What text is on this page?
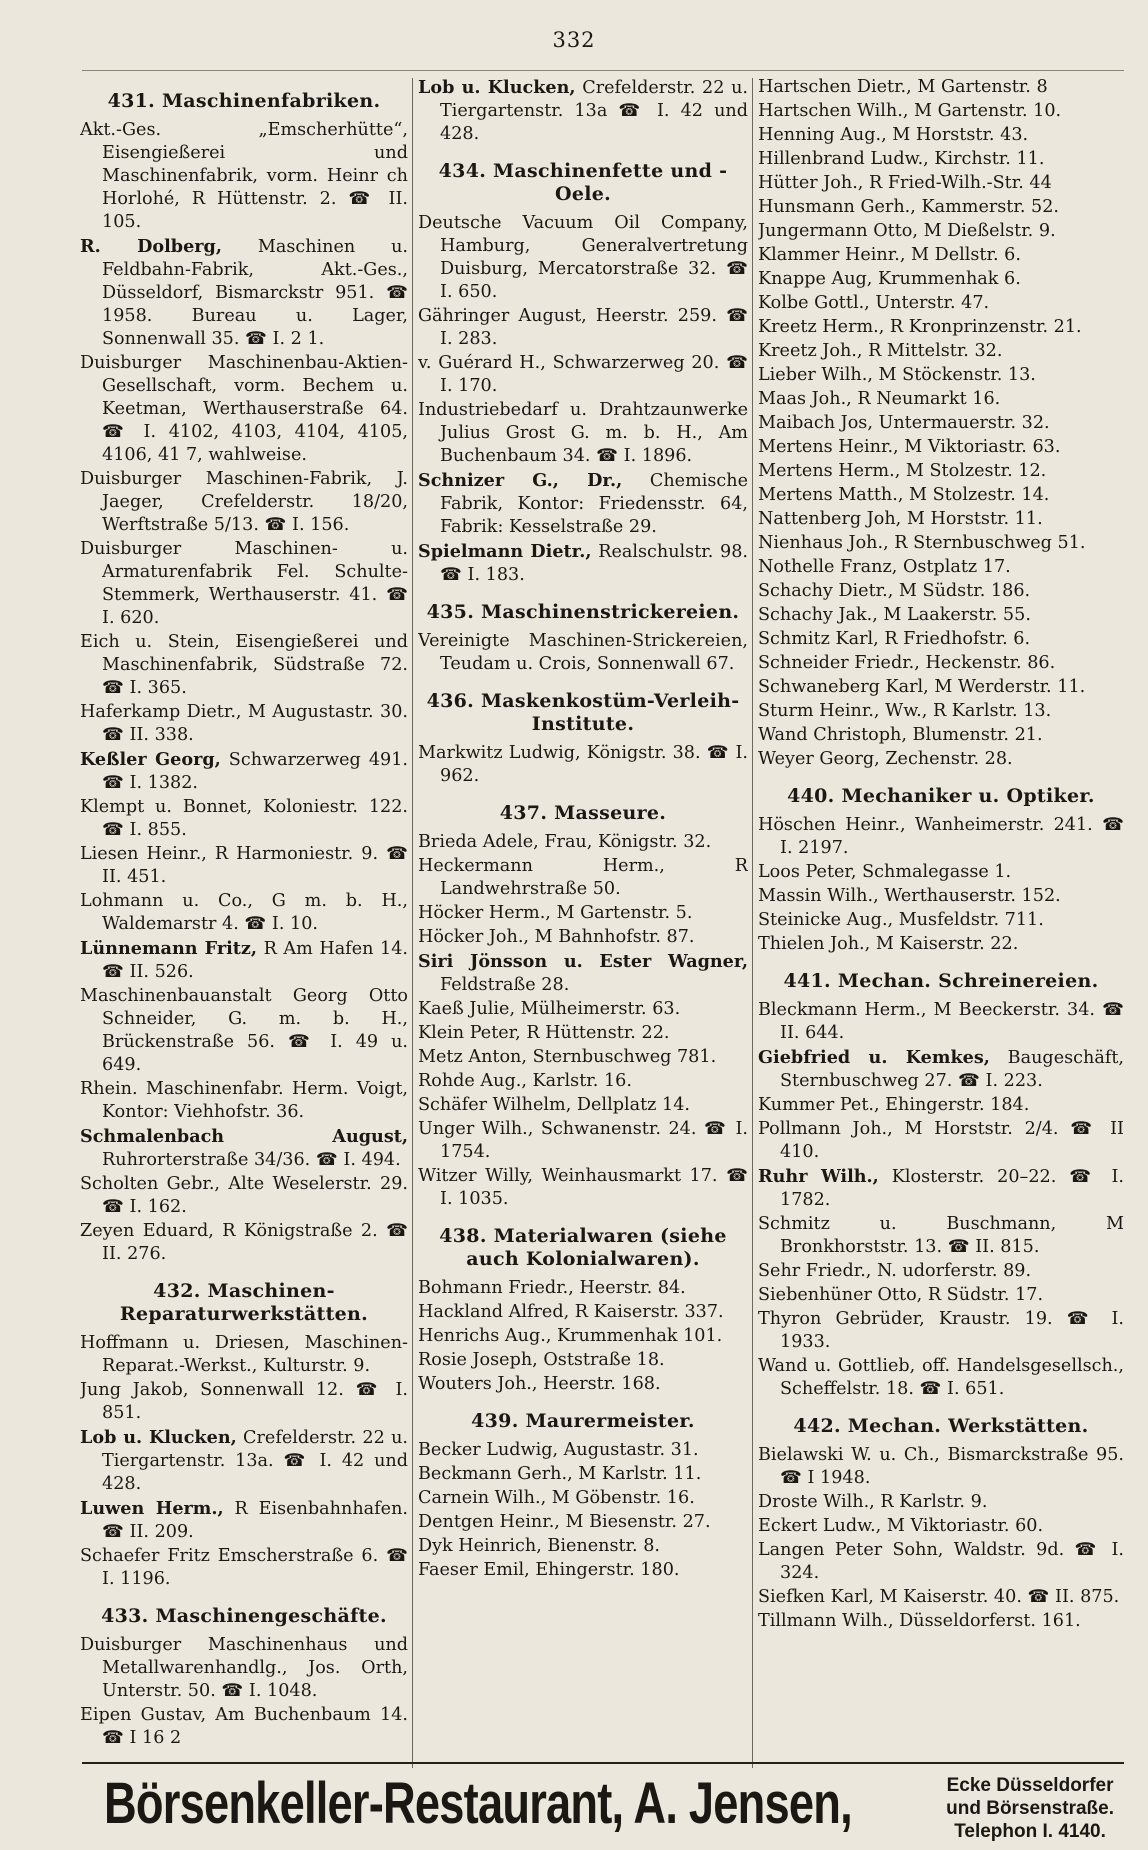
332
431. Maschinenfabriken.
Akt.-Ges. „Emscherhütte“, Eisengießerei und Maschinenfabrik, vorm. Heinr ch Horlohé, R Hüttenstr. 2. ☎ II. 105.
R. Dolberg, Maschinen u. Feldbahn-Fabrik, Akt.-Ges., Düsseldorf, Bismarckstr 951. ☎ 1958. Bureau u. Lager, Sonnenwall 35. ☎ I. 2 1.
Duisburger Maschinenbau-Aktien-Gesellschaft, vorm. Bechem u. Keetman, Werthauserstraße 64. ☎ I. 4102, 4103, 4104, 4105, 4106, 41 7, wahlweise.
Duisburger Maschinen-Fabrik, J. Jaeger, Crefelderstr. 18/20, Werftstraße 5/13. ☎ I. 156.
Duisburger Maschinen- u. Armaturenfabrik Fel. Schulte-Stemmerk, Werthauserstr. 41. ☎ I. 620.
Eich u. Stein, Eisengießerei und Maschinenfabrik, Südstraße 72. ☎ I. 365.
Haferkamp Dietr., M Augustastr. 30. ☎ II. 338.
Keßler Georg, Schwarzerweg 491. ☎ I. 1382.
Klempt u. Bonnet, Koloniestr. 122. ☎ I. 855.
Liesen Heinr., R Harmoniestr. 9. ☎ II. 451.
Lohmann u. Co., G m. b. H., Waldemarstr 4. ☎ I. 10.
Lünnemann Fritz, R Am Hafen 14. ☎ II. 526.
Maschinenbauanstalt Georg Otto Schneider, G. m. b. H., Brückenstraße 56. ☎ I. 49 u. 649.
Rhein. Maschinenfabr. Herm. Voigt, Kontor: Viehhofstr. 36.
Schmalenbach August, Ruhrorterstraße 34/36. ☎ I. 494.
Scholten Gebr., Alte Weselerstr. 29. ☎ I. 162.
Zeyen Eduard, R Königstraße 2. ☎ II. 276.
432. Maschinen-Reparaturwerkstätten.
Hoffmann u. Driesen, Maschinen-Reparat.-Werkst., Kulturstr. 9.
Jung Jakob, Sonnenwall 12. ☎ I. 851.
Lob u. Klucken, Crefelderstr. 22 u. Tiergartenstr. 13a. ☎ I. 42 und 428.
Luwen Herm., R Eisenbahnhafen. ☎ II. 209.
Schaefer Fritz Emscherstraße 6. ☎ I. 1196.
433. Maschinengeschäfte.
Duisburger Maschinenhaus und Metallwarenhandlg., Jos. Orth, Unterstr. 50. ☎ I. 1048.
Eipen Gustav, Am Buchenbaum 14. ☎ I 16 2
Lob u. Klucken, Crefelderstr. 22 u. Tiergartenstr. 13a ☎ I. 42 und 428.
434. Maschinenfette und -Oele.
Deutsche Vacuum Oil Company, Hamburg, Generalvertretung Duisburg, Mercatorstraße 32. ☎ I. 650.
Gähringer August, Heerstr. 259. ☎ I. 283.
v. Guérard H., Schwarzerweg 20. ☎ I. 170.
Industriebedarf u. Drahtzaunwerke Julius Grost G. m. b. H., Am Buchenbaum 34. ☎ I. 1896.
Schnizer G., Dr., Chemische Fabrik, Kontor: Friedensstr. 64, Fabrik: Kesselstraße 29.
Spielmann Dietr., Realschulstr. 98. ☎ I. 183.
435. Maschinenstrickereien.
Vereinigte Maschinen-Strickereien, Teudam u. Crois, Sonnenwall 67.
436. Maskenkostüm-Verleih-Institute.
Markwitz Ludwig, Königstr. 38. ☎ I. 962.
437. Masseure.
Brieda Adele, Frau, Königstr. 32.
Heckermann Herm., R Landwehrstraße 50.
Höcker Herm., M Gartenstr. 5.
Höcker Joh., M Bahnhofstr. 87.
Siri Jönsson u. Ester Wagner, Feldstraße 28.
Kaeß Julie, Mülheimerstr. 63.
Klein Peter, R Hüttenstr. 22.
Metz Anton, Sternbuschweg 781.
Rohde Aug., Karlstr. 16.
Schäfer Wilhelm, Dellplatz 14.
Unger Wilh., Schwanenstr. 24. ☎ I. 1754.
Witzer Willy, Weinhausmarkt 17. ☎ I. 1035.
438. Materialwaren (siehe auch Kolonialwaren).
Bohmann Friedr., Heerstr. 84.
Hackland Alfred, R Kaiserstr. 337.
Henrichs Aug., Krummenhak 101.
Rosie Joseph, Oststraße 18.
Wouters Joh., Heerstr. 168.
439. Maurermeister.
Becker Ludwig, Augustastr. 31.
Beckmann Gerh., M Karlstr. 11.
Carnein Wilh., M Göbenstr. 16.
Dentgen Heinr., M Biesenstr. 27.
Dyk Heinrich, Bienenstr. 8.
Faeser Emil, Ehingerstr. 180.
Hartschen Dietr., M Gartenstr. 8
Hartschen Wilh., M Gartenstr. 10.
Henning Aug., M Horststr. 43.
Hillenbrand Ludw., Kirchstr. 11.
Hütter Joh., R Fried-Wilh.-Str. 44
Hunsmann Gerh., Kammerstr. 52.
Jungermann Otto, M Dießelstr. 9.
Klammer Heinr., M Dellstr. 6.
Knappe Aug, Krummenhak 6.
Kolbe Gottl., Unterstr. 47.
Kreetz Herm., R Kronprinzenstr. 21.
Kreetz Joh., R Mittelstr. 32.
Lieber Wilh., M Stöckenstr. 13.
Maas Joh., R Neumarkt 16.
Maibach Jos, Untermauerstr. 32.
Mertens Heinr., M Viktoriastr. 63.
Mertens Herm., M Stolzestr. 12.
Mertens Matth., M Stolzestr. 14.
Nattenberg Joh, M Horststr. 11.
Nienhaus Joh., R Sternbuschweg 51.
Nothelle Franz, Ostplatz 17.
Schachy Dietr., M Südstr. 186.
Schachy Jak., M Laakerstr. 55.
Schmitz Karl, R Friedhofstr. 6.
Schneider Friedr., Heckenstr. 86.
Schwaneberg Karl, M Werderstr. 11.
Sturm Heinr., Ww., R Karlstr. 13.
Wand Christoph, Blumenstr. 21.
Weyer Georg, Zechenstr. 28.
440. Mechaniker u. Optiker.
Höschen Heinr., Wanheimerstr. 241. ☎ I. 2197.
Loos Peter, Schmalegasse 1.
Massin Wilh., Werthauserstr. 152.
Steinicke Aug., Musfeldstr. 711.
Thielen Joh., M Kaiserstr. 22.
441. Mechan. Schreinereien.
Bleckmann Herm., M Beeckerstr. 34. ☎ II. 644.
Giebfried u. Kemkes, Baugeschäft, Sternbuschweg 27. ☎ I. 223.
Kummer Pet., Ehingerstr. 184.
Pollmann Joh., M Horststr. 2/4. ☎ II 410.
Ruhr Wilh., Klosterstr. 20–22. ☎ I. 1782.
Schmitz u. Buschmann, M Bronkhorststr. 13. ☎ II. 815.
Sehr Friedr., N. udorferstr. 89.
Siebenhüner Otto, R Südstr. 17.
Thyron Gebrüder, Kraustr. 19. ☎ I. 1933.
Wand u. Gottlieb, off. Handelsgesellsch., Scheffelstr. 18. ☎ I. 651.
442. Mechan. Werkstätten.
Bielawski W. u. Ch., Bismarckstraße 95. ☎ I 1948.
Droste Wilh., R Karlstr. 9.
Eckert Ludw., M Viktoriastr. 60.
Langen Peter Sohn, Waldstr. 9d. ☎ I. 324.
Siefken Karl, M Kaiserstr. 40. ☎ II. 875.
Tillmann Wilh., Düsseldorferst. 161.
Börsenkeller-Restaurant, A. Jensen,	Ecke Düsseldorfer
und Börsenstraße.
Telephon I. 4140.
